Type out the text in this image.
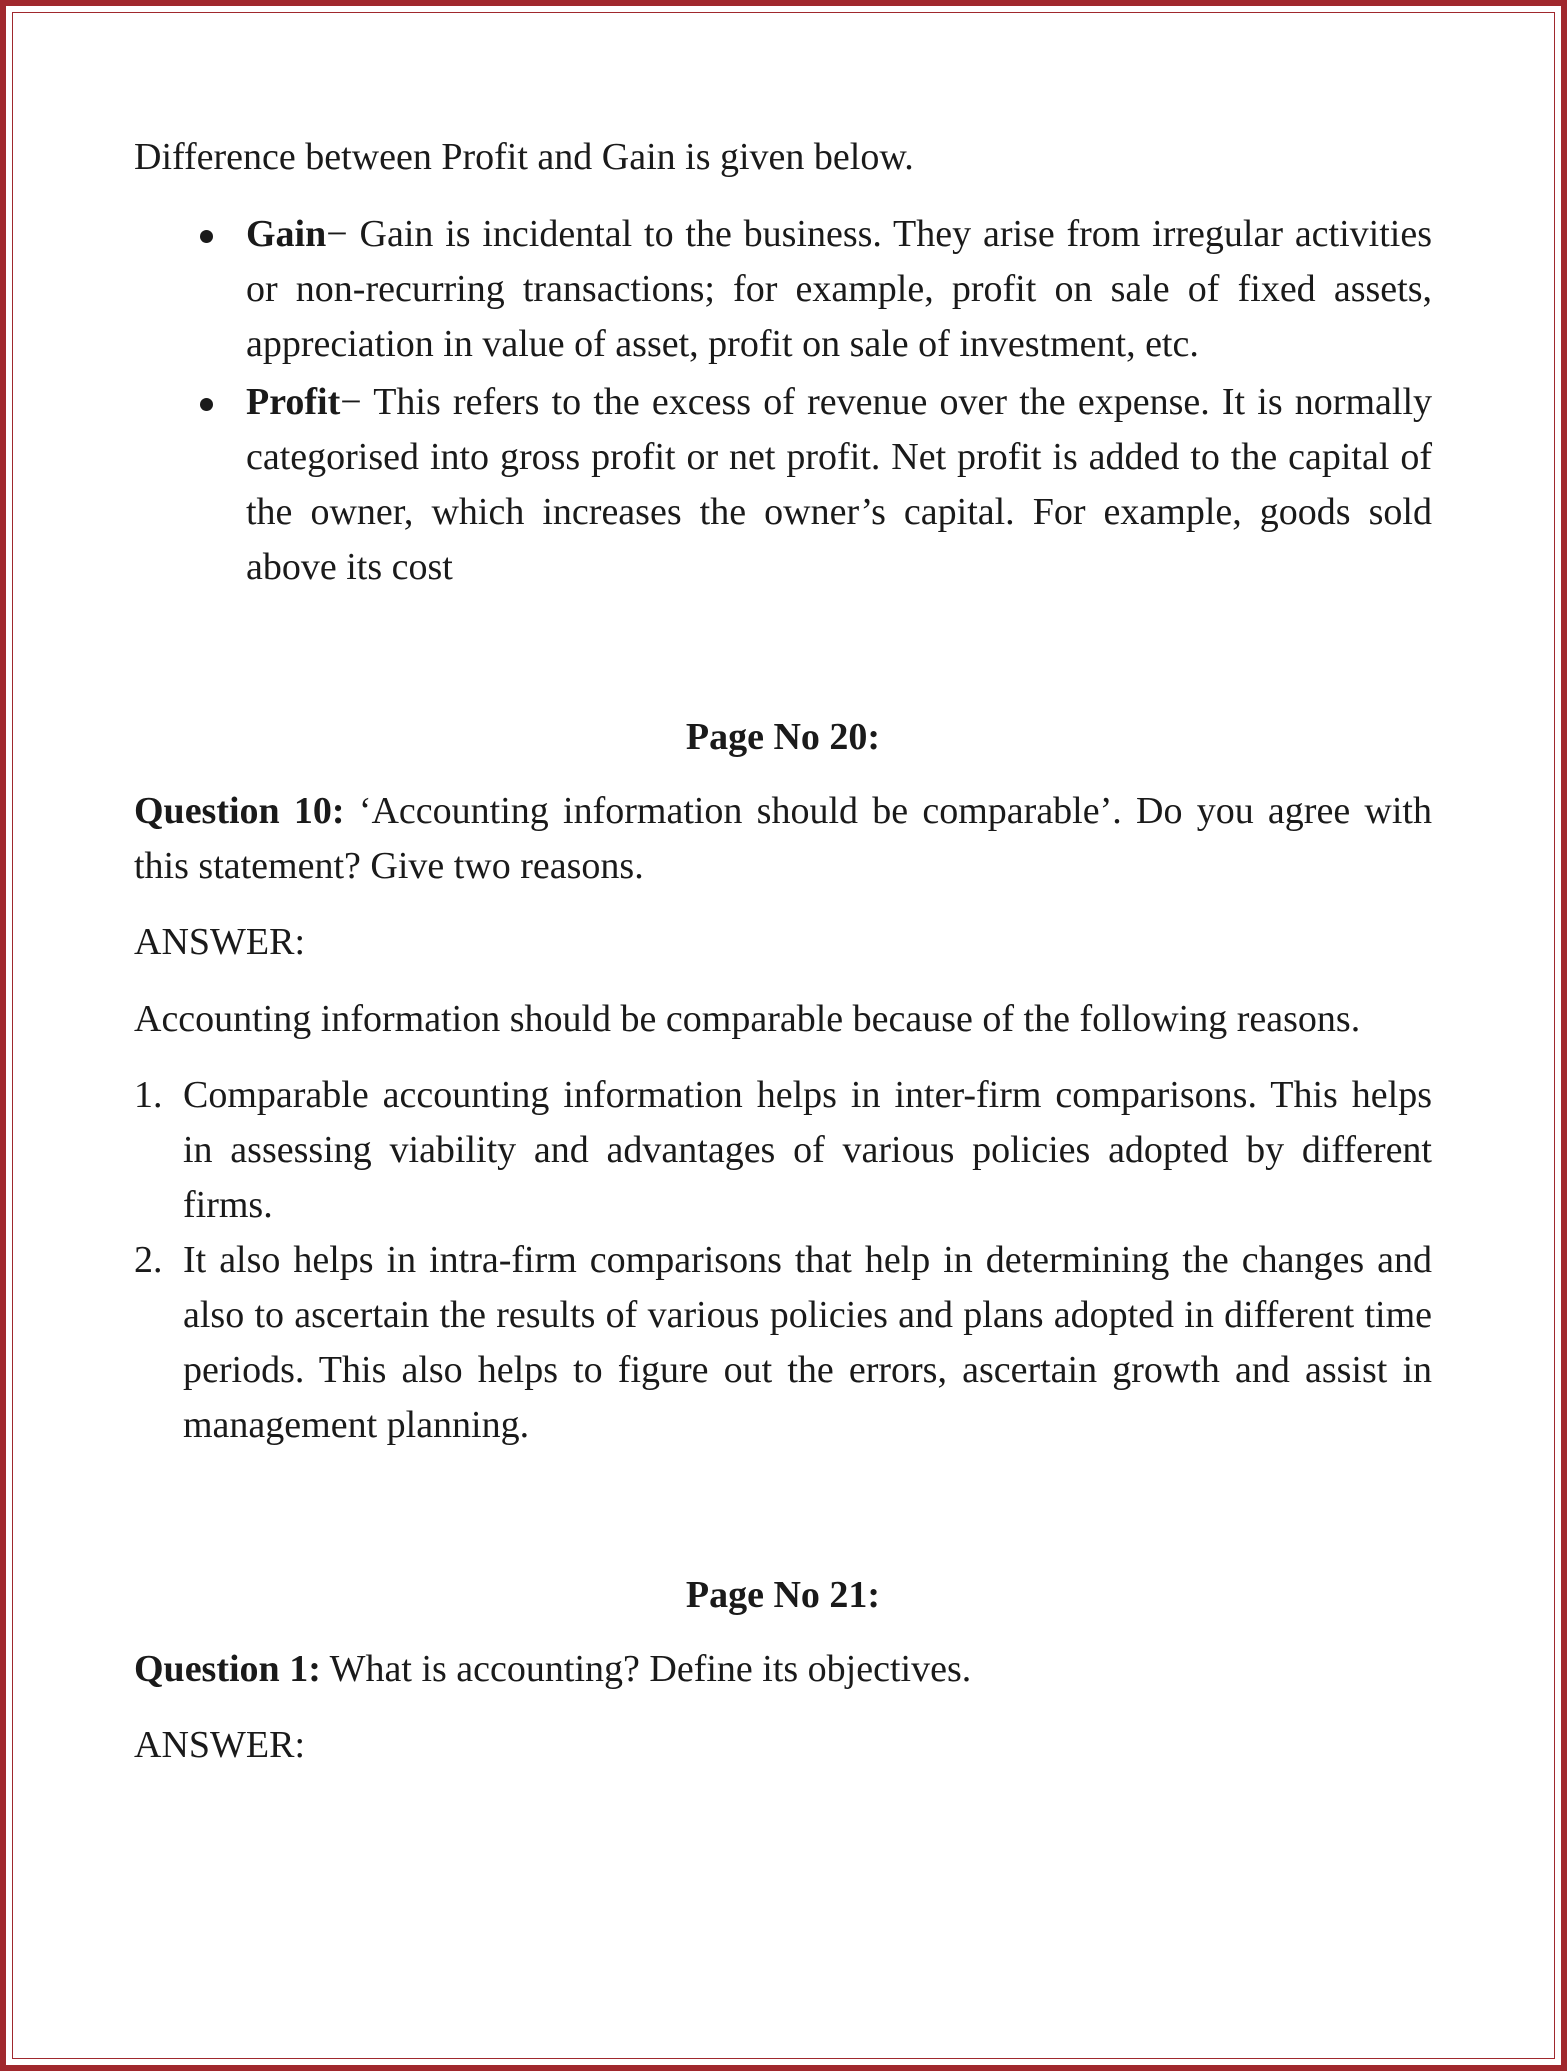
Difference between Profit and Gain is given below.

Gain− Gain is incidental to the business. They arise from irregular activities or non-recurring transactions; for example, profit on sale of fixed assets, appreciation in value of asset, profit on sale of investment, etc.
Profit− This refers to the excess of revenue over the expense. It is normally categorised into gross profit or net profit. Net profit is added to the capital of the owner, which increases the owner’s capital. For example, goods sold above its cost

Page No 20:

Question 10: ‘Accounting information should be comparable’. Do you agree with this statement? Give two reasons.

ANSWER:

Accounting information should be comparable because of the following reasons.

1. Comparable accounting information helps in inter-firm comparisons. This helps in assessing viability and advantages of various policies adopted by different firms.
2. It also helps in intra-firm comparisons that help in determining the changes and also to ascertain the results of various policies and plans adopted in different time periods. This also helps to figure out the errors, ascertain growth and assist in management planning.

Page No 21:

Question 1: What is accounting? Define its objectives.

ANSWER:
